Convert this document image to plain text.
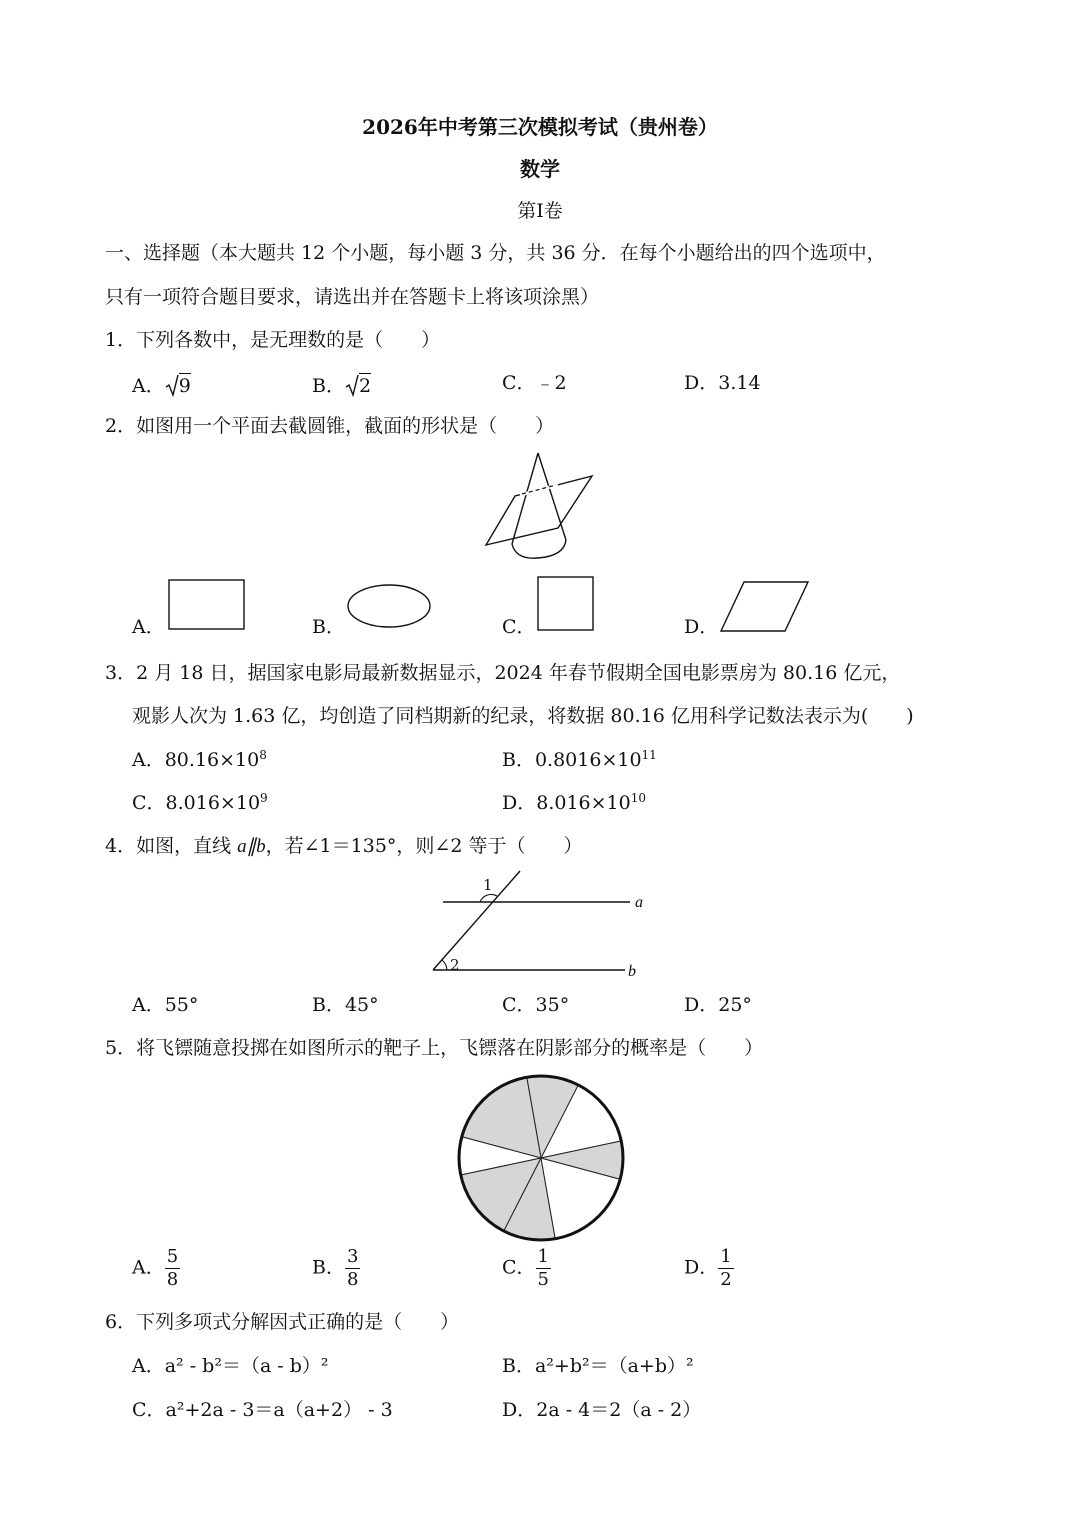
2026年中考第三次模拟考试（贵州卷）
数学
第Ⅰ卷
一、选择题（本大题共 12 个小题，每小题 3 分，共 36 分．在每个小题给出的四个选项中，
只有一项符合题目要求，请选出并在答题卡上将该项涂黑）
1．下列各数中，是无理数的是（　　）
A． 9	B． 2	C．﹣2	D．3.14
2．如图用一个平面去截圆锥，截面的形状是（　　）
A．	B．	C．	D．
3．2 月 18 日，据国家电影局最新数据显示，2024 年春节假期全国电影票房为 80.16 亿元，
观影人次为 1.63 亿，均创造了同档期新的纪录，将数据 80.16 亿用科学记数法表示为(　　)
A．$80.16\times 10^8$	B．$0.8016\times 10^{11}$
C．$8.016\times 10^9$	D．$8.016\times 10^{10}$
4．如图，直线 a∥b，若∠1＝135°，则∠2 等于（　　）
1
2
a
b
A．55°	B．45°	C．35°	D．25°
5．将飞镖随意投掷在如图所示的靶子上，飞镖落在阴影部分的概率是（　　）
A． $\frac{5}{8}$	B． $\frac{3}{8}$	C． $\frac{1}{5}$	D． $\frac{1}{2}$
6．下列多项式分解因式正确的是（　　）
A．a² - b²＝（a - b）²	B．a²+b²＝（a+b）²
C．a²+2a - 3＝a（a+2） - 3	D．2a - 4＝2（a - 2）
